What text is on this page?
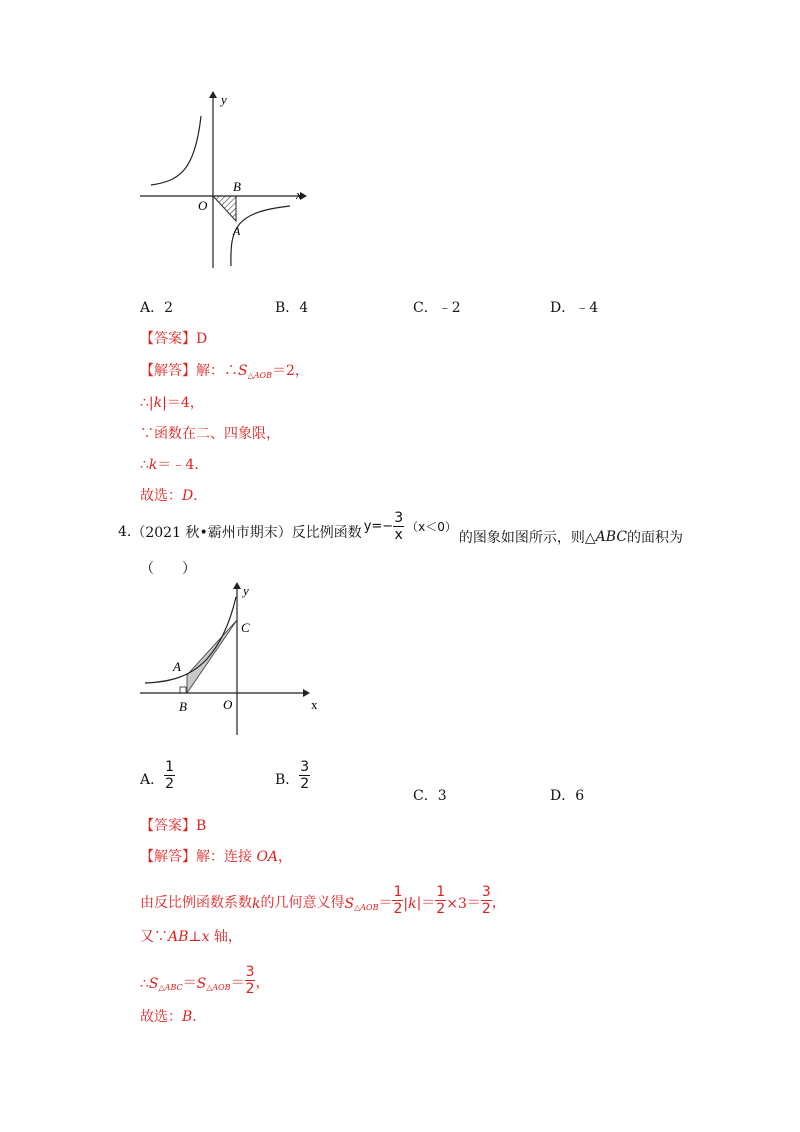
y
x
O
B
A
A．2	B．4	C．﹣2	D．﹣4
【答案】D
【解答】解：$\therefore S_{\triangle AOB}=2$，
∴|k|＝4，
∵函数在二、四象限，
∴k＝﹣4．
故选：D．
4. （2021 秋•霸州市期末）反比例函数 $y= - \frac{3}{x} (x<0)$
的图象如图所示，则△ ABC 的面积为
（　　）
y
x
C
A
B	O
A． $\frac{1}{2}$	B． $\frac{3}{2}$
C．3	D．6
【答案】B
【解答】解：连接 OA，
由反比例函数系数 k 的几何意义得 S △AOB ＝ $\frac{1}{2}$ | k |＝ $\frac{1}{2} \times 3 = \frac{3}{2}$ ，
又∵AB⊥x 轴，
∴ S △ABC ＝ S △AOB ＝ $\frac{3}{2}$ ，
故选：B．
